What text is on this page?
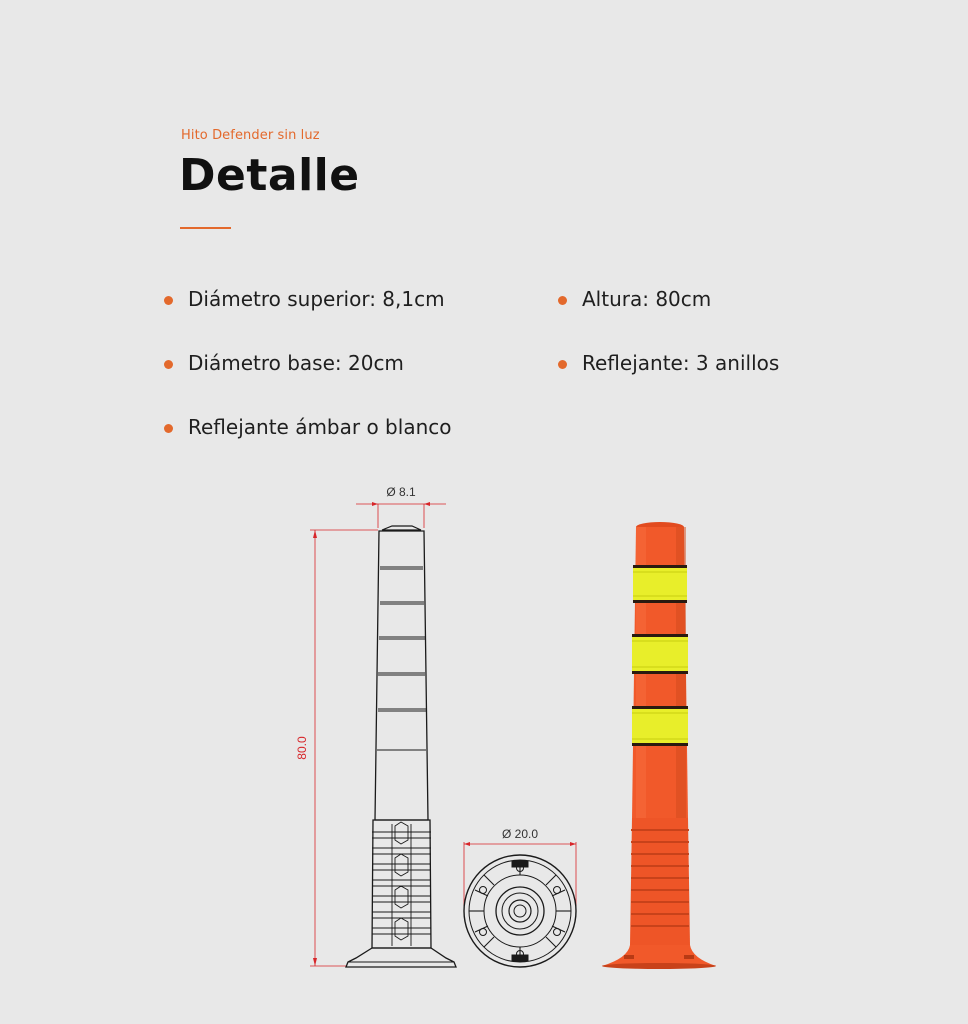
Hito Defender sin luz
Detalle
Diámetro superior: 8,1cm	Altura: 80cm
Diámetro base: 20cm	Reflejante: 3 anillos
Reflejante ámbar o blanco
Ø 8.1
80.0
Ø 20.0
